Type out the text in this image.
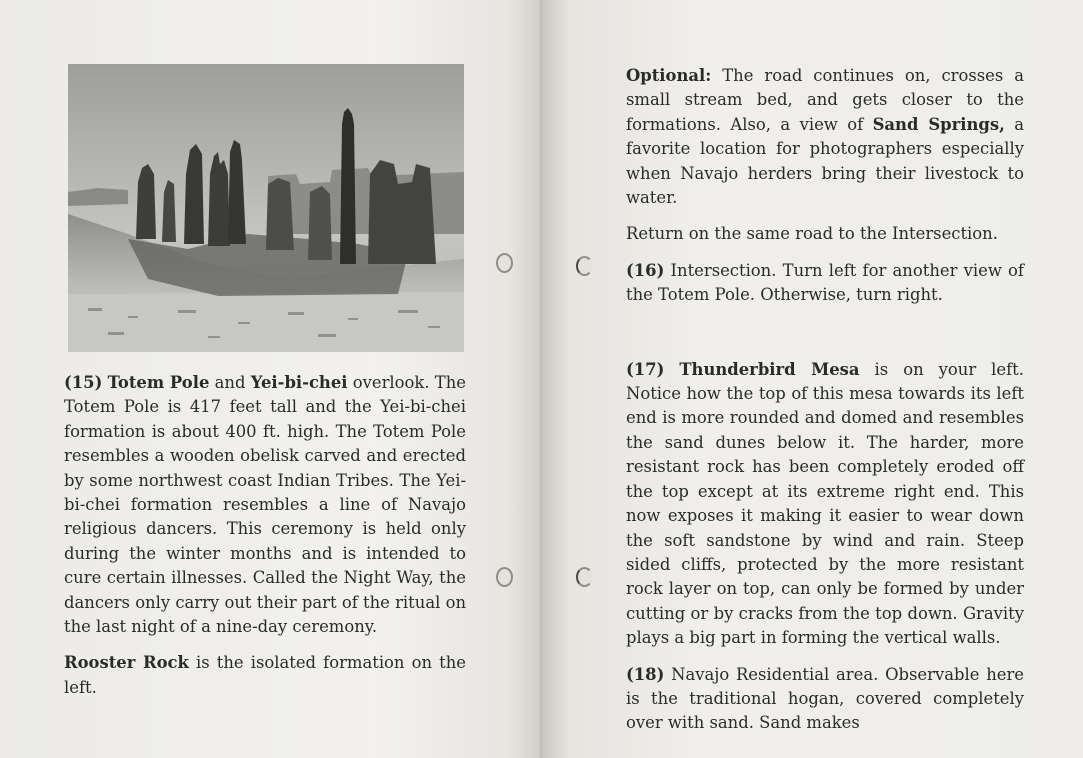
(15) Totem Pole and Yei-bi-chei overlook. The Totem Pole is 417 feet tall and the Yei-bi-chei formation is about 400 ft. high. The Totem Pole resembles a wooden obelisk carved and erected by some northwest coast Indian Tribes. The Yei-bi-chei formation resembles a line of Navajo religious dancers. This ceremony is held only during the winter months and is intended to cure certain illnesses. Called the Night Way, the dancers only carry out their part of the ritual on the last night of a nine-day ceremony.

Rooster Rock is the isolated formation on the left.

Optional: The road continues on, crosses a small stream bed, and gets closer to the formations. Also, a view of Sand Springs, a favorite location for photographers especially when Navajo herders bring their livestock to water.

Return on the same road to the Intersection.

(16) Intersection. Turn left for another view of the Totem Pole. Otherwise, turn right.

(17) Thunderbird Mesa is on your left. Notice how the top of this mesa towards its left end is more rounded and domed and resembles the sand dunes below it. The harder, more resistant rock has been completely eroded off the top except at its extreme right end. This now exposes it making it easier to wear down the soft sandstone by wind and rain. Steep sided cliffs, protected by the more resistant rock layer on top, can only be formed by under cutting or by cracks from the top down. Gravity plays a big part in forming the vertical walls.

(18) Navajo Residential area. Observable here is the traditional hogan, covered completely over with sand. Sand makes
